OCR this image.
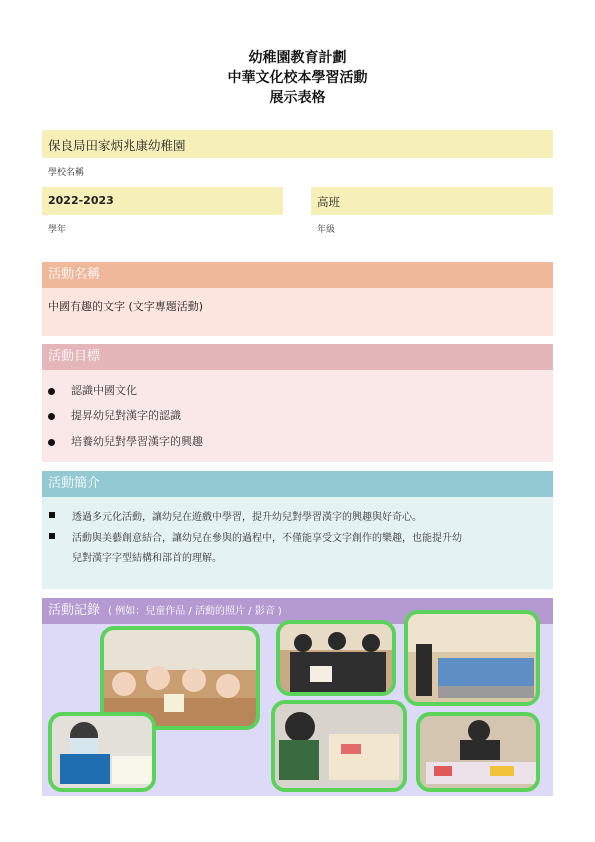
幼稚園教育計劃
中華文化校本學習活動
展示表格
保良局田家炳兆康幼稚園
學校名稱
2022-2023
學年
高班
年級
活動名稱
中國有趣的文字 (文字專題活動)
活動目標
認識中國文化
提昇幼兒對漢字的認識
培養幼兒對學習漢字的興趣
活動簡介
透過多元化活動，讓幼兒在遊戲中學習，提升幼兒對學習漢字的興趣與好奇心。
活動與美藝創意結合，讓幼兒在參與的過程中，不僅能享受文字創作的樂趣，也能提升幼
兒對漢字字型結構和部首的理解。
活動記錄 ( 例如：兒童作品 / 活動的照片 / 影音 )
